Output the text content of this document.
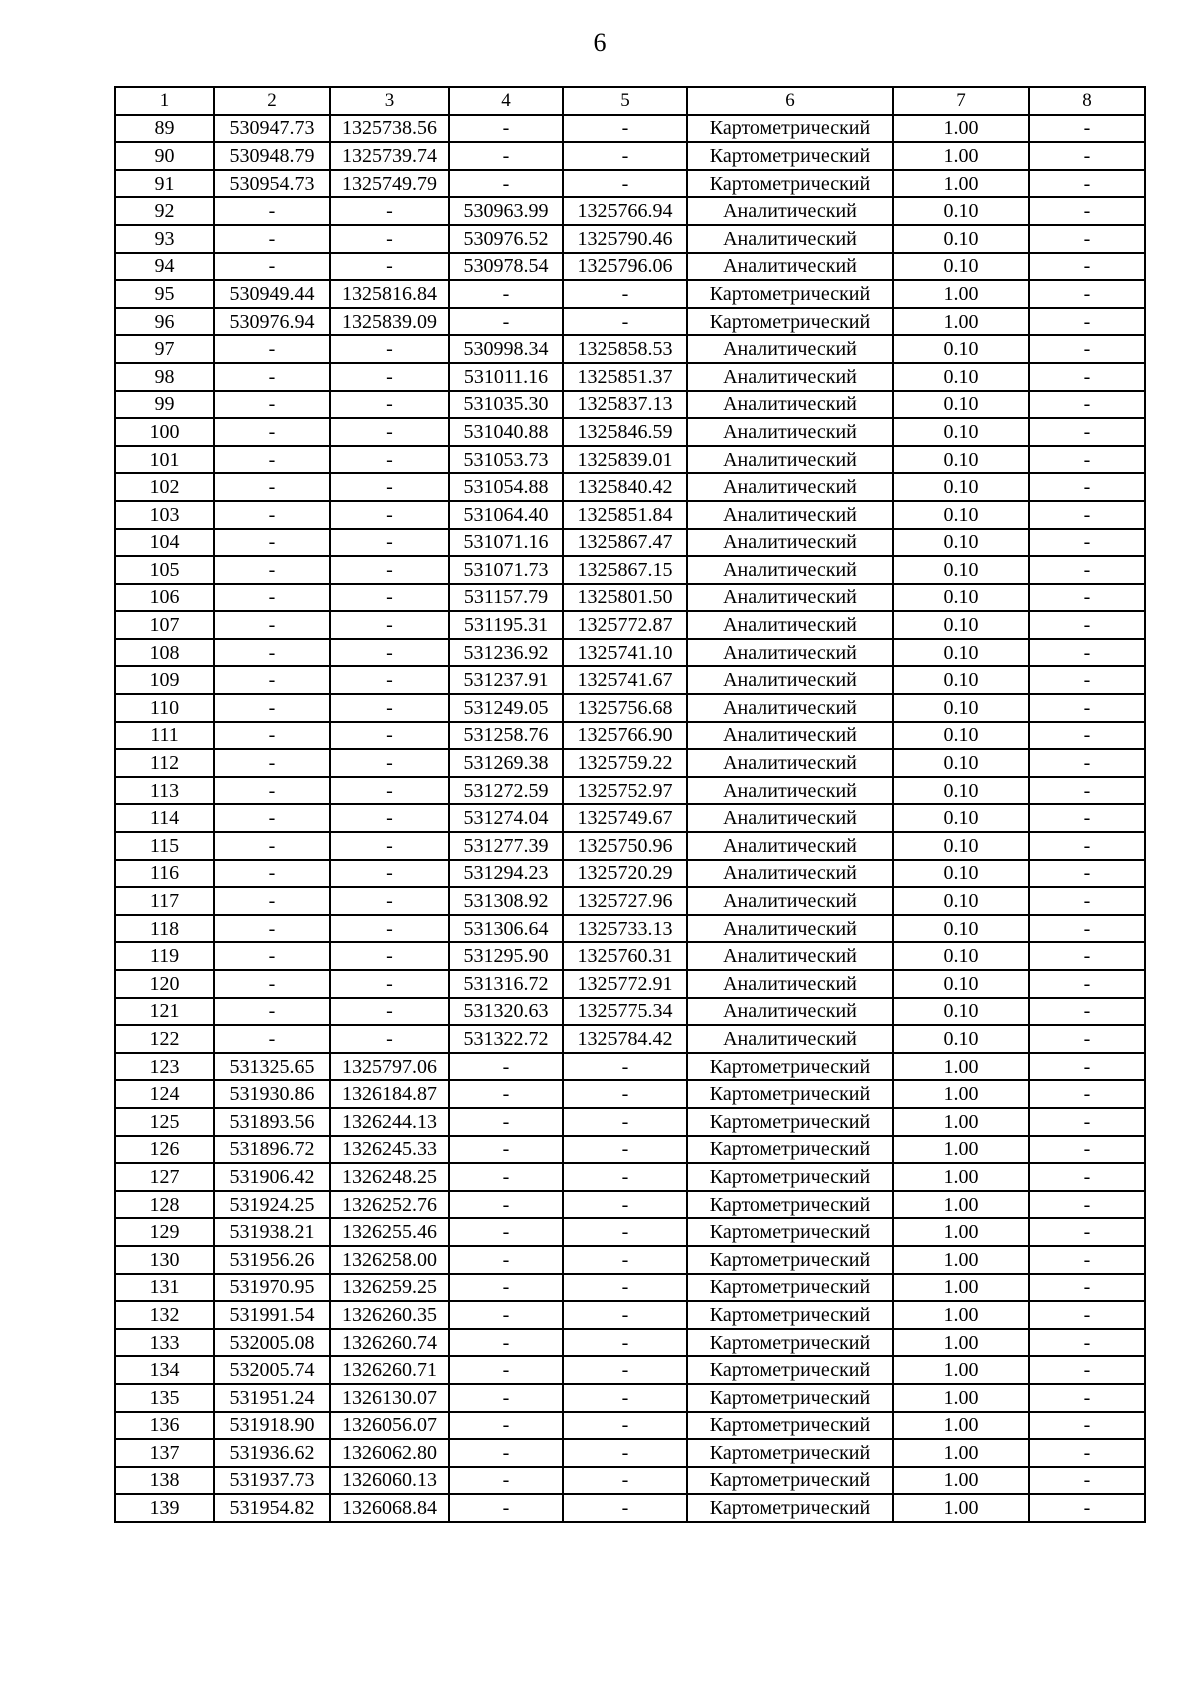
6
1	2	3	4	5	6	7	8
89	530947.73	1325738.56	-	-	Картометрический	1.00	-
90	530948.79	1325739.74	-	-	Картометрический	1.00	-
91	530954.73	1325749.79	-	-	Картометрический	1.00	-
92	-	-	530963.99	1325766.94	Аналитический	0.10	-
93	-	-	530976.52	1325790.46	Аналитический	0.10	-
94	-	-	530978.54	1325796.06	Аналитический	0.10	-
95	530949.44	1325816.84	-	-	Картометрический	1.00	-
96	530976.94	1325839.09	-	-	Картометрический	1.00	-
97	-	-	530998.34	1325858.53	Аналитический	0.10	-
98	-	-	531011.16	1325851.37	Аналитический	0.10	-
99	-	-	531035.30	1325837.13	Аналитический	0.10	-
100	-	-	531040.88	1325846.59	Аналитический	0.10	-
101	-	-	531053.73	1325839.01	Аналитический	0.10	-
102	-	-	531054.88	1325840.42	Аналитический	0.10	-
103	-	-	531064.40	1325851.84	Аналитический	0.10	-
104	-	-	531071.16	1325867.47	Аналитический	0.10	-
105	-	-	531071.73	1325867.15	Аналитический	0.10	-
106	-	-	531157.79	1325801.50	Аналитический	0.10	-
107	-	-	531195.31	1325772.87	Аналитический	0.10	-
108	-	-	531236.92	1325741.10	Аналитический	0.10	-
109	-	-	531237.91	1325741.67	Аналитический	0.10	-
110	-	-	531249.05	1325756.68	Аналитический	0.10	-
111	-	-	531258.76	1325766.90	Аналитический	0.10	-
112	-	-	531269.38	1325759.22	Аналитический	0.10	-
113	-	-	531272.59	1325752.97	Аналитический	0.10	-
114	-	-	531274.04	1325749.67	Аналитический	0.10	-
115	-	-	531277.39	1325750.96	Аналитический	0.10	-
116	-	-	531294.23	1325720.29	Аналитический	0.10	-
117	-	-	531308.92	1325727.96	Аналитический	0.10	-
118	-	-	531306.64	1325733.13	Аналитический	0.10	-
119	-	-	531295.90	1325760.31	Аналитический	0.10	-
120	-	-	531316.72	1325772.91	Аналитический	0.10	-
121	-	-	531320.63	1325775.34	Аналитический	0.10	-
122	-	-	531322.72	1325784.42	Аналитический	0.10	-
123	531325.65	1325797.06	-	-	Картометрический	1.00	-
124	531930.86	1326184.87	-	-	Картометрический	1.00	-
125	531893.56	1326244.13	-	-	Картометрический	1.00	-
126	531896.72	1326245.33	-	-	Картометрический	1.00	-
127	531906.42	1326248.25	-	-	Картометрический	1.00	-
128	531924.25	1326252.76	-	-	Картометрический	1.00	-
129	531938.21	1326255.46	-	-	Картометрический	1.00	-
130	531956.26	1326258.00	-	-	Картометрический	1.00	-
131	531970.95	1326259.25	-	-	Картометрический	1.00	-
132	531991.54	1326260.35	-	-	Картометрический	1.00	-
133	532005.08	1326260.74	-	-	Картометрический	1.00	-
134	532005.74	1326260.71	-	-	Картометрический	1.00	-
135	531951.24	1326130.07	-	-	Картометрический	1.00	-
136	531918.90	1326056.07	-	-	Картометрический	1.00	-
137	531936.62	1326062.80	-	-	Картометрический	1.00	-
138	531937.73	1326060.13	-	-	Картометрический	1.00	-
139	531954.82	1326068.84	-	-	Картометрический	1.00	-
